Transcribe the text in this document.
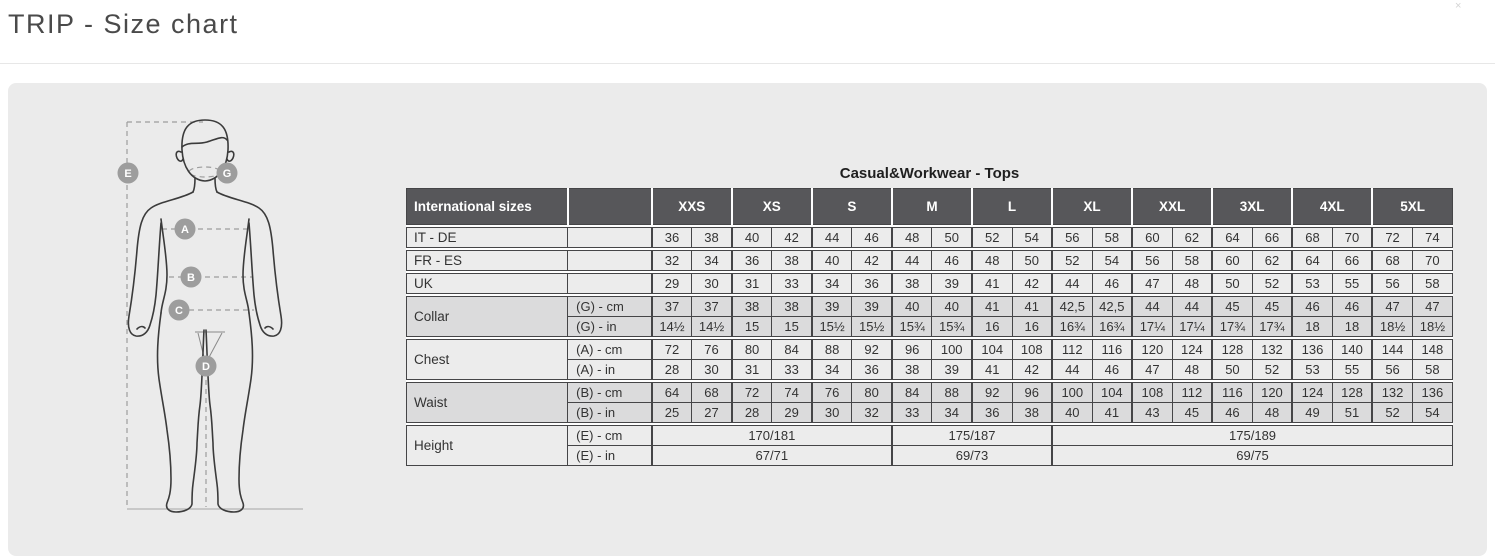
TRIP - Size chart
×
E	G
A
B
C
D
Casual&Workwear - Tops
International sizes		XXS	XS	S	M	L	XL	XXL	3XL	4XL	5XL
IT - DE		36	38	40	42	44	46	48	50	52	54	56	58	60	62	64	66	68	70	72	74
FR - ES		32	34	36	38	40	42	44	46	48	50	52	54	56	58	60	62	64	66	68	70
UK		29	30	31	33	34	36	38	39	41	42	44	46	47	48	50	52	53	55	56	58
Collar	(G) - cm	37	37	38	38	39	39	40	40	41	41	42,5	42,5	44	44	45	45	46	46	47	47
	(G) - in	14½	14½	15	15	15½	15½	15¾	15¾	16	16	16¾	16¾	17¼	17¼	17¾	17¾	18	18	18½	18½
Chest	(A) - cm	72	76	80	84	88	92	96	100	104	108	112	116	120	124	128	132	136	140	144	148
	(A) - in	28	30	31	33	34	36	38	39	41	42	44	46	47	48	50	52	53	55	56	58
Waist	(B) - cm	64	68	72	74	76	80	84	88	92	96	100	104	108	112	116	120	124	128	132	136
	(B) - in	25	27	28	29	30	32	33	34	36	38	40	41	43	45	46	48	49	51	52	54
Height	(E) - cm	170/181	175/187	175/189
	(E) - in	67/71	69/73	69/75
